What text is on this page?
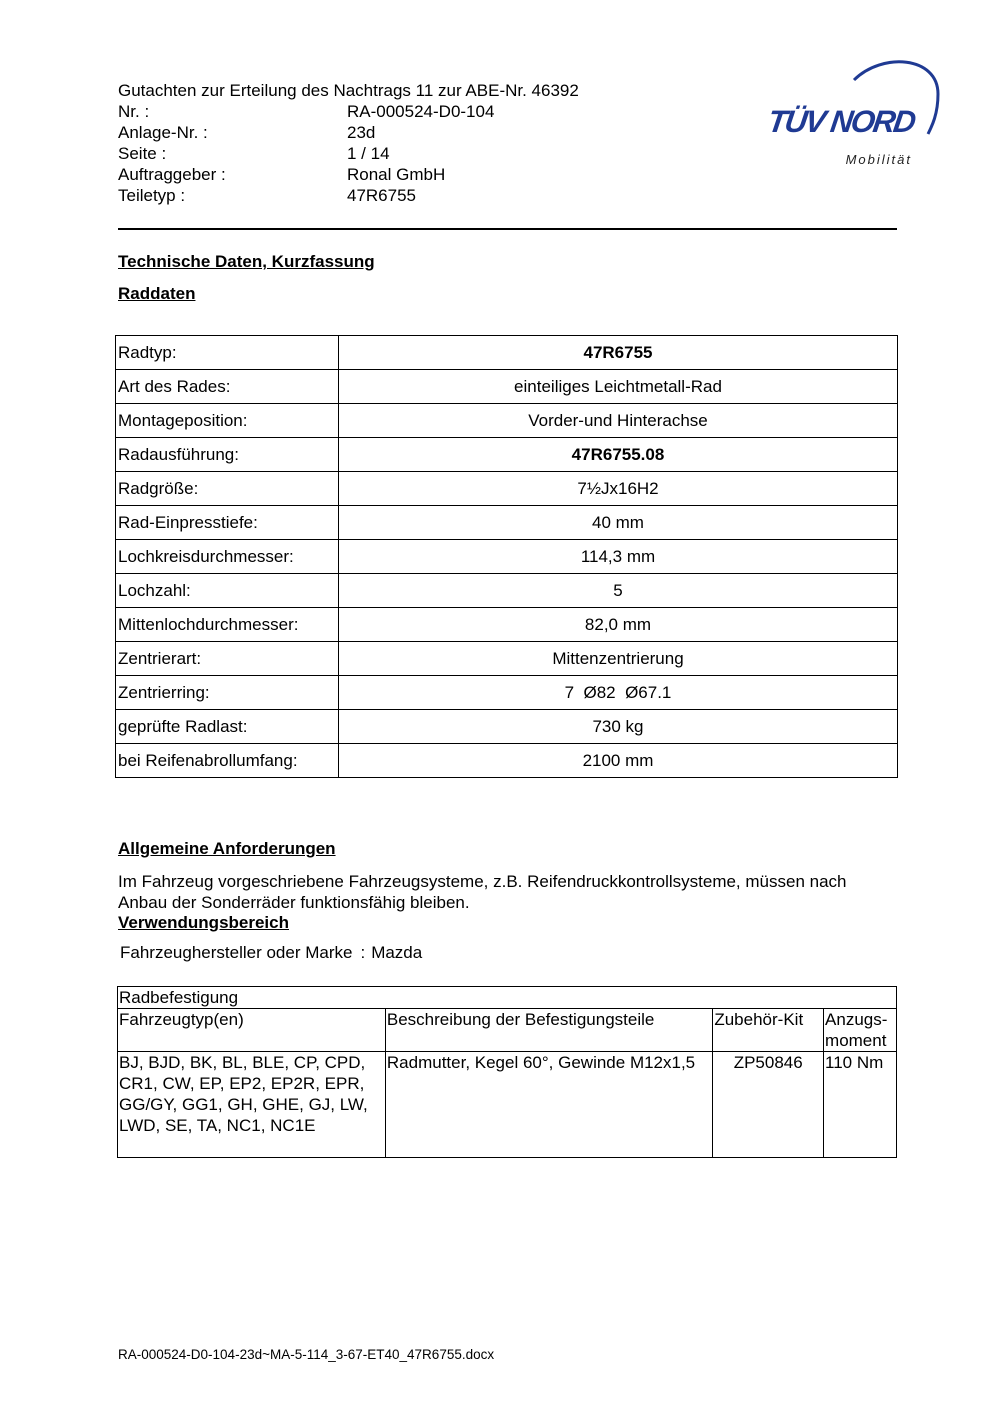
Gutachten zur Erteilung des Nachtrags 11 zur ABE-Nr. 46392
Nr. :	RA-000524-D0-104
Anlage-Nr. :	23d
Seite :	1 / 14
Auftraggeber :	Ronal GmbH
Teiletyp :	47R6755
TÜV NORD
Mobilität
Technische Daten, Kurzfassung
Raddaten
Radtyp:	47R6755
Art des Rades:	einteiliges Leichtmetall-Rad
Montageposition:	Vorder-und Hinterachse
Radausführung:	47R6755.08
Radgröße:	7½Jx16H2
Rad-Einpresstiefe:	40 mm
Lochkreisdurchmesser:	114,3 mm
Lochzahl:	5
Mittenlochdurchmesser:	82,0 mm
Zentrierart:	Mittenzentrierung
Zentrierring:	7  Ø82  Ø67.1
geprüfte Radlast:	730 kg
bei Reifenabrollumfang:	2100 mm
Allgemeine Anforderungen
Im Fahrzeug vorgeschriebene Fahrzeugsysteme, z.B. Reifendruckkontrollsysteme, müssen nach Anbau der Sonderräder funktionsfähig bleiben.
Verwendungsbereich
Fahrzeughersteller oder Marke : Mazda
Radbefestigung			
Fahrzeugtyp(en)	Beschreibung der Befestigungsteile	Zubehör-Kit	Anzugs-moment
BJ, BJD, BK, BL, BLE, CP, CPD, CR1, CW, EP, EP2, EP2R, EPR, GG/GY, GG1, GH, GHE, GJ, LW, LWD, SE, TA, NC1, NC1E	Radmutter, Kegel 60°, Gewinde M12x1,5	ZP50846	110 Nm
RA-000524-D0-104-23d~MA-5-114_3-67-ET40_47R6755.docx
